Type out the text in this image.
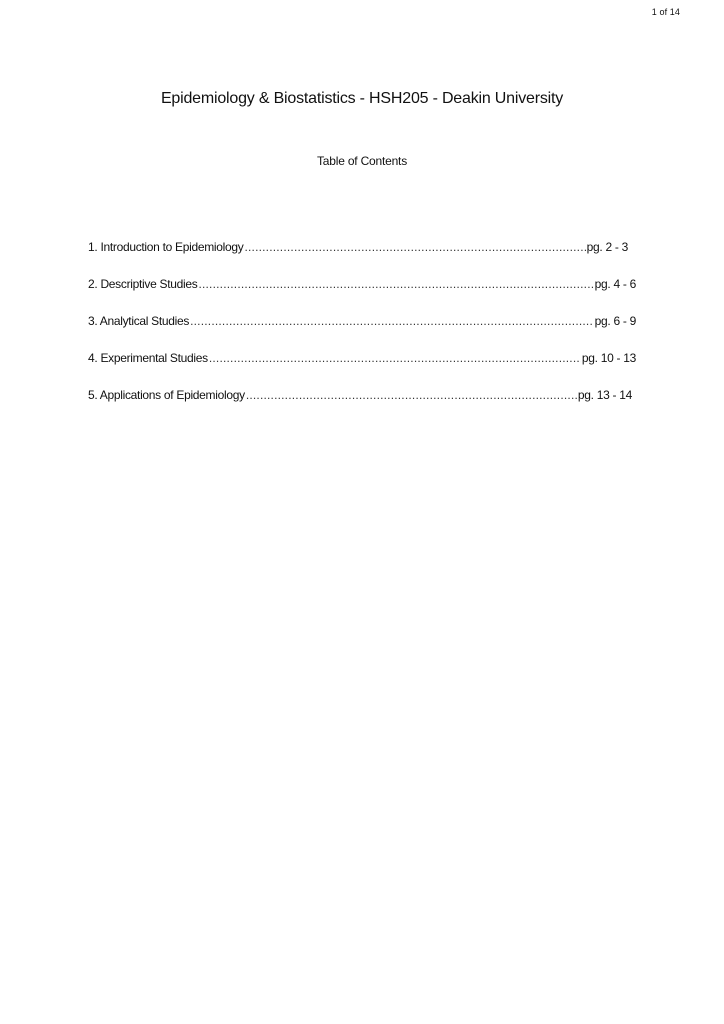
1 of 14
Epidemiology & Biostatistics - HSH205 - Deakin University
Table of Contents
1. Introduction to Epidemiology .....	pg. 2 - 3
2. Descriptive Studies .....	pg. 4 - 6
3. Analytical Studies .....	pg. 6 - 9
4. Experimental Studies .....	pg. 10 - 13
5. Applications of Epidemiology .....	pg. 13 - 14
